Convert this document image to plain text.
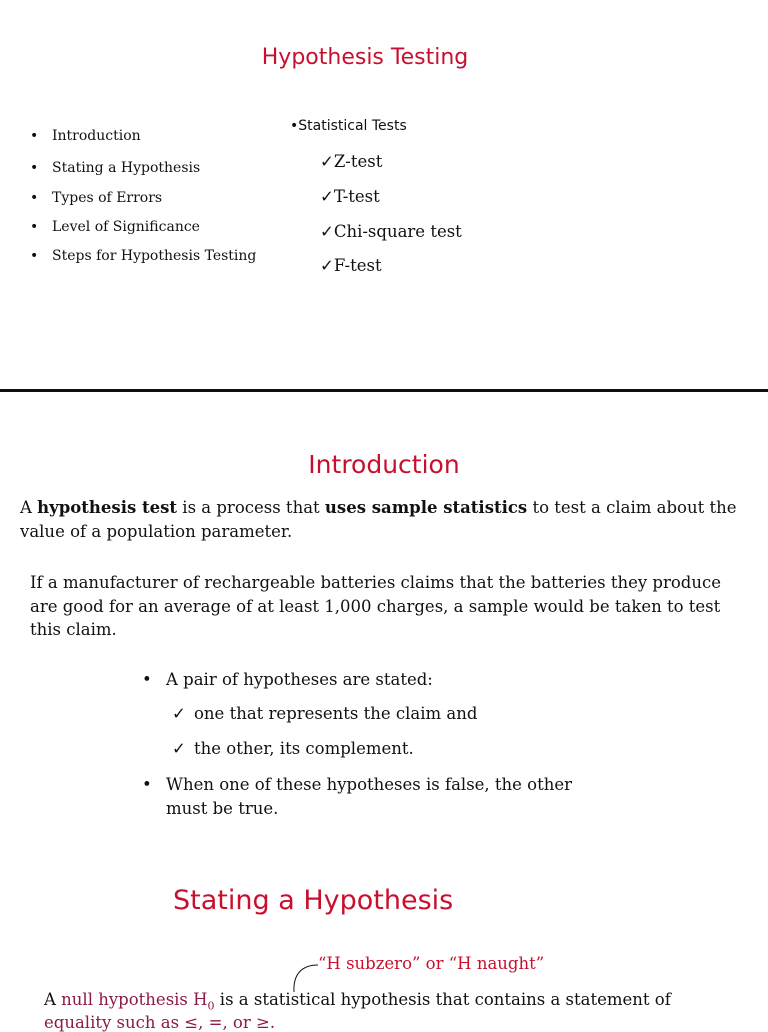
Hypothesis Testing
• Introduction
• Stating a Hypothesis
• Types of Errors
• Level of Significance
• Steps for Hypothesis Testing
•Statistical Tests
✓Z-test
✓T-test
✓Chi-square test
✓F-test
Introduction
A hypothesis test is a process that uses sample statistics to test a claim about the value of a population parameter.
If a manufacturer of rechargeable batteries claims that the batteries they produce are good for an average of at least 1,000 charges, a sample would be taken to test this claim.
• A pair of hypotheses are stated:
✓ one that represents the claim and
✓ the other, its complement.
• When one of these hypotheses is false, the other must be true.
Stating a Hypothesis
“H subzero” or “H naught”
A null hypothesis $H_0$ is a statistical hypothesis that contains a statement of
equality such as ≤, =, or ≥.
